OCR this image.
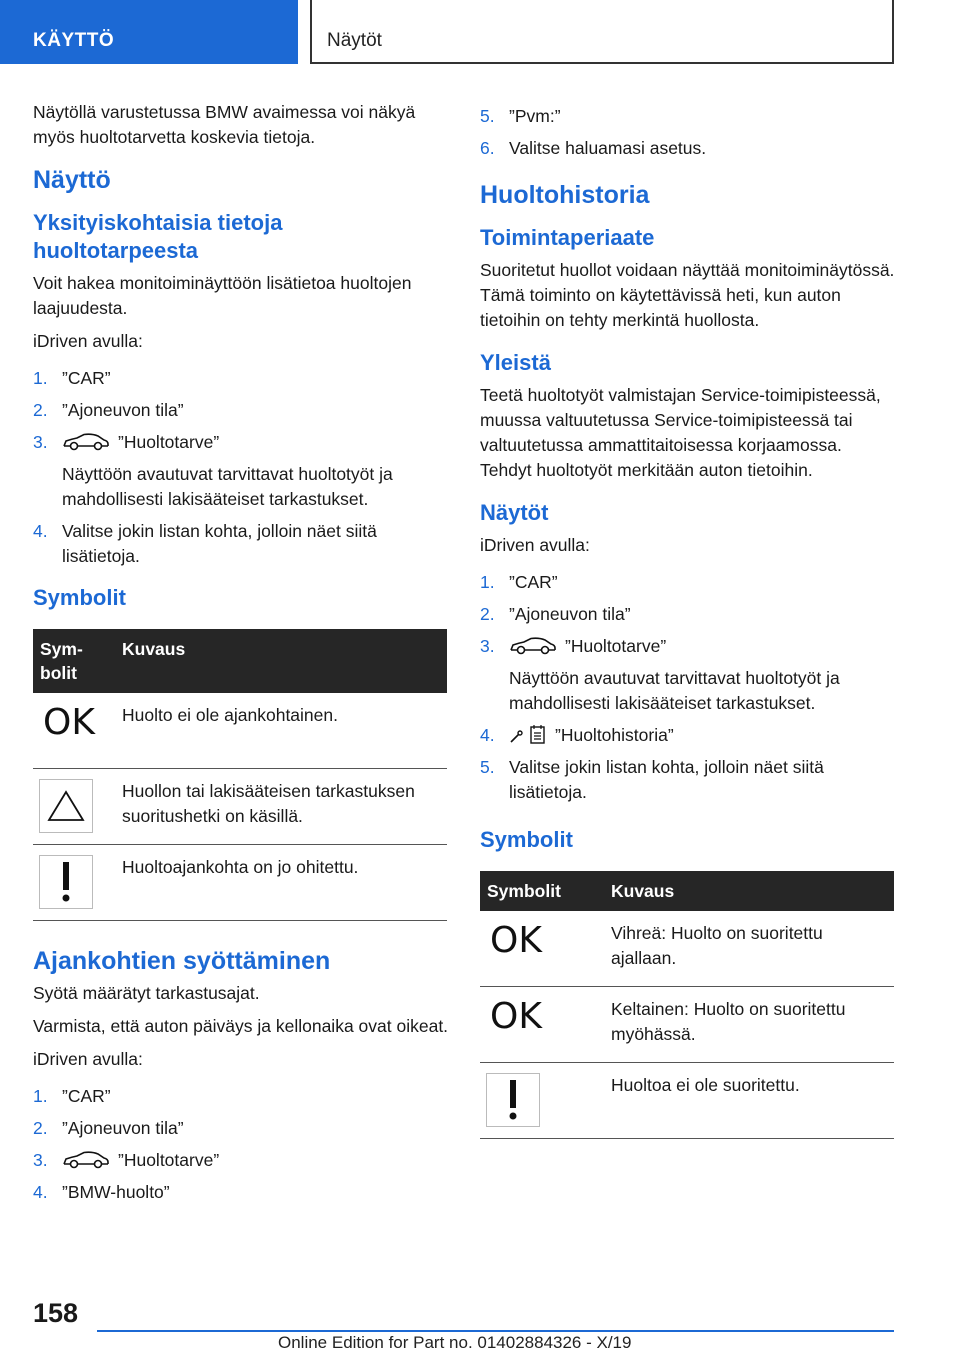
KÄYTTÖ	Näytöt

Näytöllä varustetussa BMW avaimessa voi näkyä myös huoltotarvetta koskevia tietoja.

Näyttö
Yksityiskohtaisia tietoja huoltotarpeesta

Voit hakea monitoiminäyttöön lisätietoa huoltojen laajuudesta.

iDriven avulla:

1. ”CAR”
2. ”Ajoneuvon tila”
3.	”Huoltotarve”
Näyttöön avautuvat tarvittavat huoltotyöt ja mahdollisesti lakisääteiset tarkastukset.
4. Valitse jokin listan kohta, jolloin näet siitä lisätietoja.
Symbolit
Sym-bolit	Kuvaus

OK	Huolto ei ole ajankohtainen.

	Huollon tai lakisääteisen tarkastuksen suoritushetki on käsillä.

	Huoltoajankohta on jo ohitettu.
Ajankohtien syöttäminen

Syötä määrätyt tarkastusajat.

Varmista, että auton päiväys ja kellonaika ovat oikeat.

iDriven avulla:

1. ”CAR”
2. ”Ajoneuvon tila”
3.	”Huoltotarve”
4. ”BMW-huolto”
5. ”Pvm:”
6. Valitse haluamasi asetus.
Huoltohistoria
Toimintaperiaate

Suoritetut huollot voidaan näyttää monitoiminäytössä. Tämä toiminto on käytettävissä heti, kun auton tietoihin on tehty merkintä huollosta.

Yleistä

Teetä huoltotyöt valmistajan Service-toimipisteessä, muussa valtuutetussa Service-toimipisteessä tai valtuutetussa ammattitaitoisessa korjaamossa. Tehdyt huoltotyöt merkitään auton tietoihin.

Näytöt

iDriven avulla:

1. ”CAR”
2. ”Ajoneuvon tila”
3.	”Huoltotarve”
Näyttöön avautuvat tarvittavat huoltotyöt ja mahdollisesti lakisääteiset tarkastukset.
4.	”Huoltohistoria”
5. Valitse jokin listan kohta, jolloin näet siitä lisätietoja.
Symbolit
Symbolit	Kuvaus

OK	Vihreä: Huolto on suoritettu ajallaan.

OK	Keltainen: Huolto on suoritettu myöhässä.

	Huoltoa ei ole suoritettu.
158
Online Edition for Part no. 01402884326 - X/19
